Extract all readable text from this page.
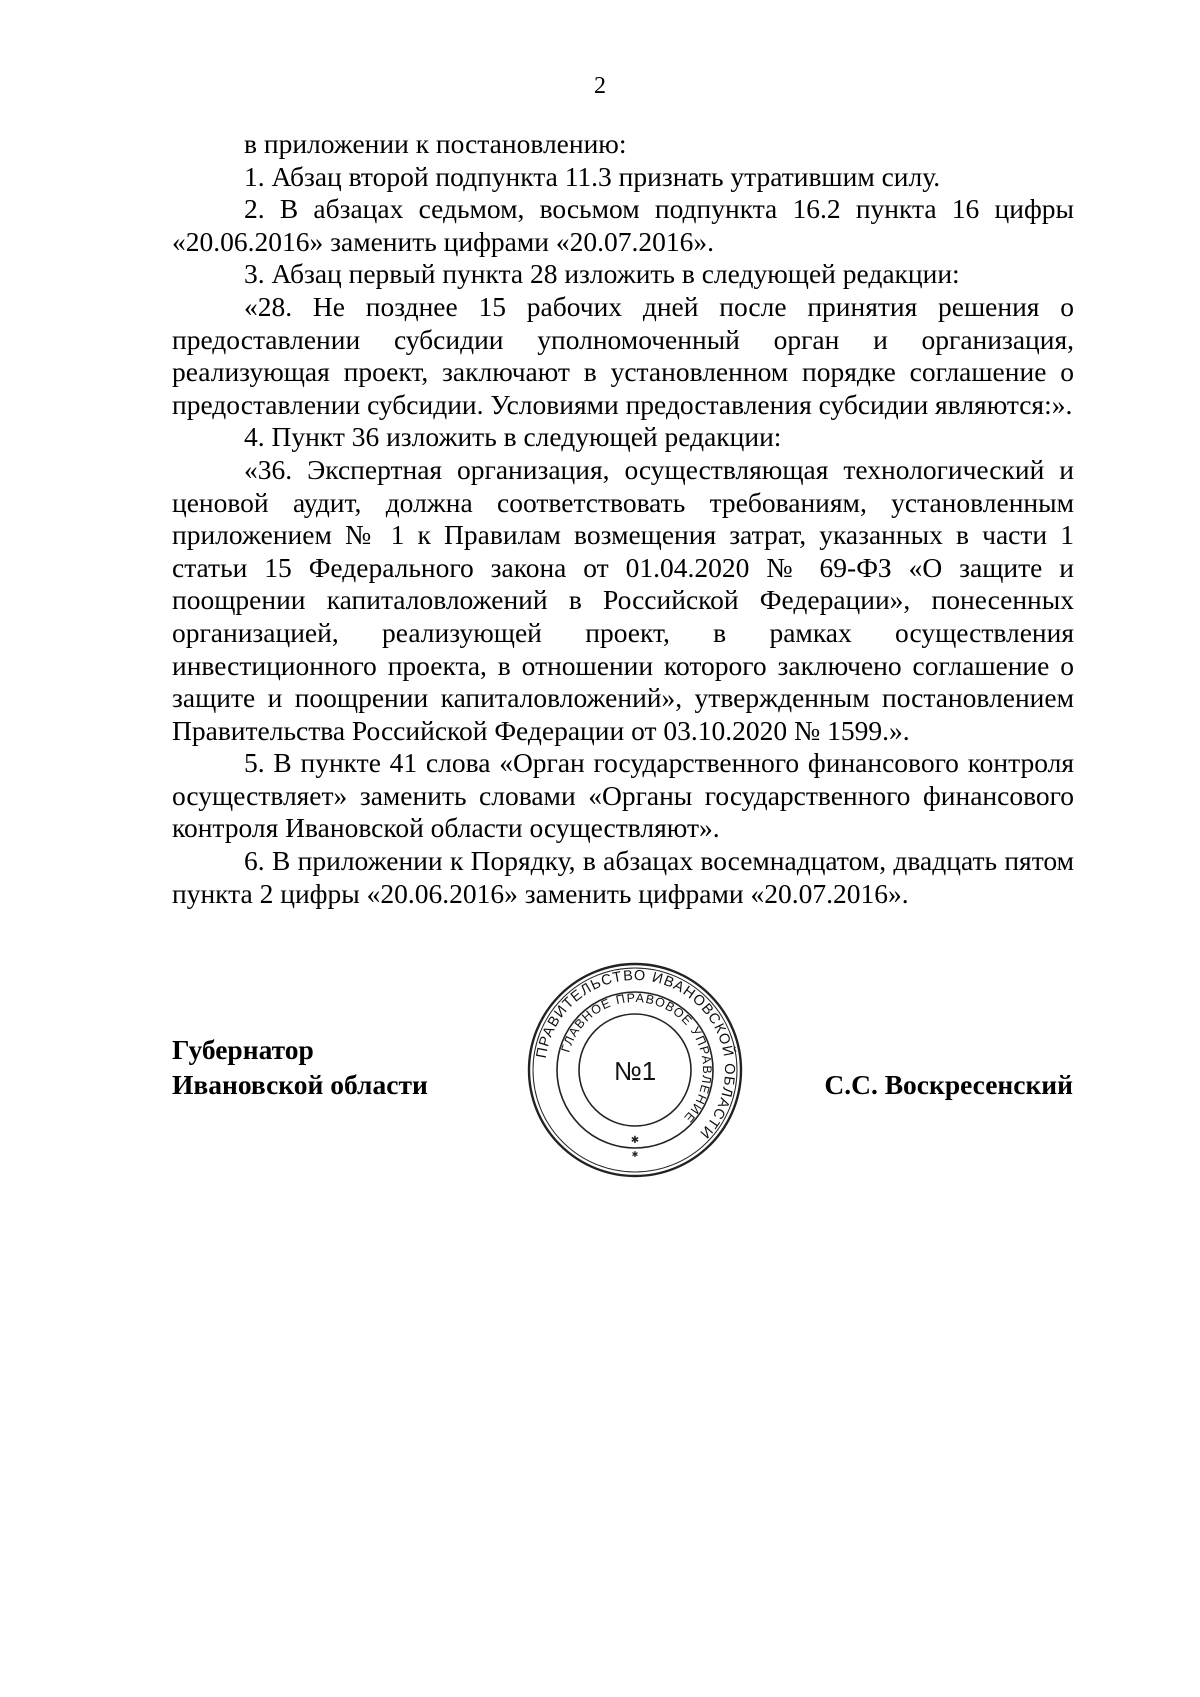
2

в приложении к постановлению:

1. Абзац второй подпункта 11.3 признать утратившим силу.

2. В абзацах седьмом, восьмом подпункта 16.2 пункта 16 цифры «20.06.2016» заменить цифрами «20.07.2016».

3. Абзац первый пункта 28 изложить в следующей редакции:

«28. Не позднее 15 рабочих дней после принятия решения о предоставлении субсидии уполномоченный орган и организация, реализующая проект, заключают в установленном порядке соглашение о предоставлении субсидии. Условиями предоставления субсидии являются:».

4. Пункт 36 изложить в следующей редакции:

«36. Экспертная организация, осуществляющая технологический и ценовой аудит, должна соответствовать требованиям, установленным приложением № 1 к Правилам возмещения затрат, указанных в части 1 статьи 15 Федерального закона от 01.04.2020 № 69-ФЗ «О защите и поощрении капиталовложений в Российской Федерации», понесенных организацией, реализующей проект, в рамках осуществления инвестиционного проекта, в отношении которого заключено соглашение о защите и поощрении капиталовложений», утвержденным постановлением Правительства Российской Федерации от 03.10.2020 № 1599.».

5. В пункте 41 слова «Орган государственного финансового контроля осуществляет» заменить словами «Органы государственного финансового контроля Ивановской области осуществляют».

6. В приложении к Порядку, в абзацах восемнадцатом, двадцать пятом пункта 2 цифры «20.06.2016» заменить цифрами «20.07.2016».

Губернатор
Ивановской области
ПРАВИТЕЛЬСТВО ИВАНОВСКОЙ ОБЛАСТИ
ГЛАВНОЕ ПРАВОВОЕ УПРАВЛЕНИЕ
№1
✱
✱
С.С. Воскресенский
